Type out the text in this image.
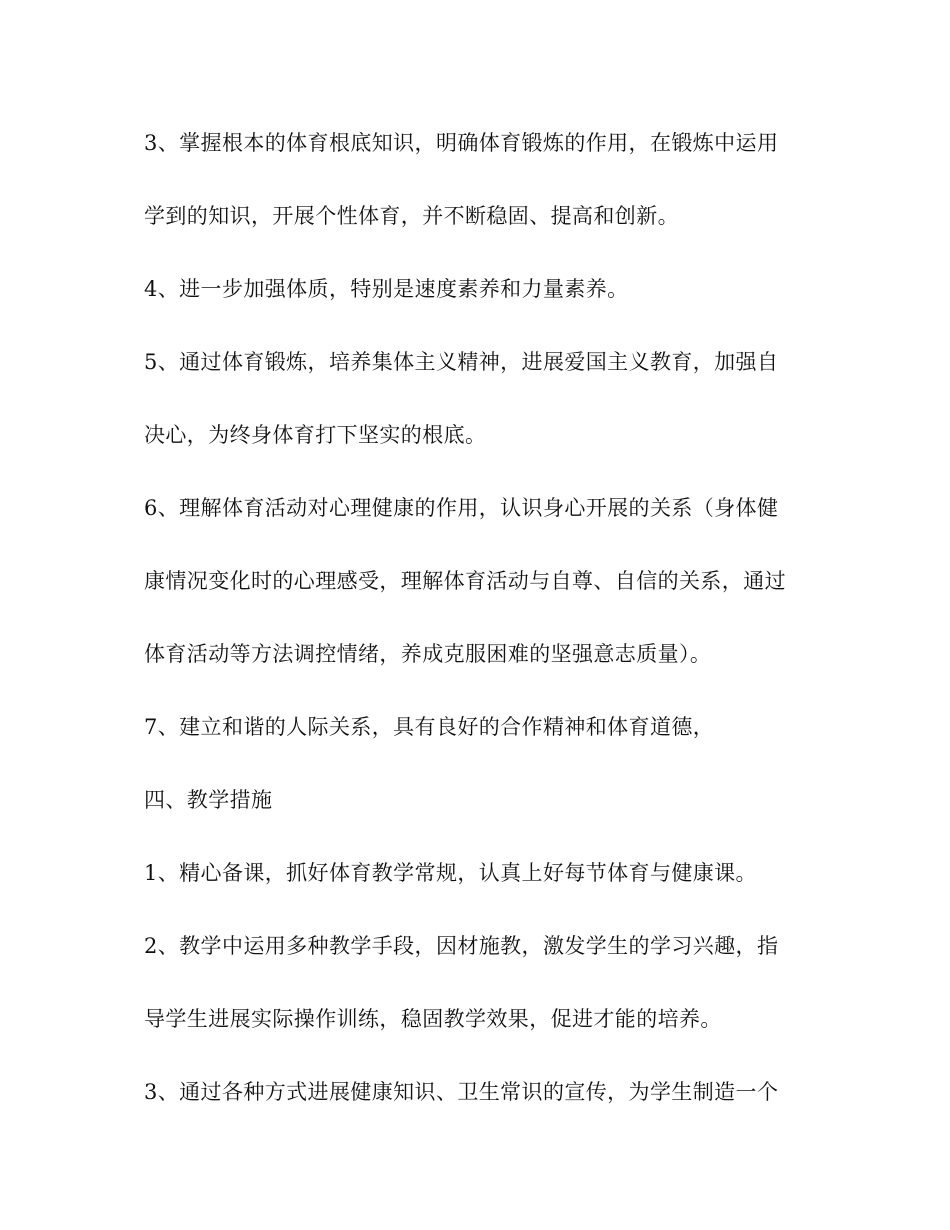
3、掌握根本的体育根底知识，明确体育锻炼的作用，在锻炼中运用
学到的知识，开展个性体育，并不断稳固、提高和创新。
4、进一步加强体质，特别是速度素养和力量素养。
5、通过体育锻炼，培养集体主义精神，进展爱国主义教育，加强自
决心，为终身体育打下坚实的根底。
6、理解体育活动对心理健康的作用，认识身心开展的关系（身体健
康情况变化时的心理感受，理解体育活动与自尊、自信的关系，通过
体育活动等方法调控情绪，养成克服困难的坚强意志质量）。
7、建立和谐的人际关系，具有良好的合作精神和体育道德，
四、教学措施
1、精心备课，抓好体育教学常规，认真上好每节体育与健康课。
2、教学中运用多种教学手段，因材施教，激发学生的学习兴趣，指
导学生进展实际操作训练，稳固教学效果，促进才能的培养。
3、通过各种方式进展健康知识、卫生常识的宣传，为学生制造一个
